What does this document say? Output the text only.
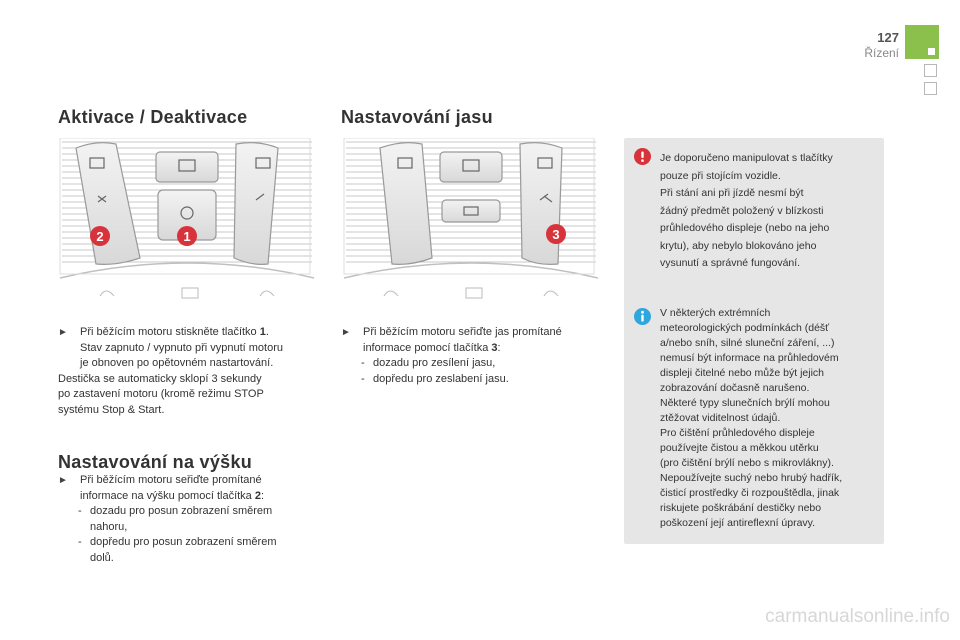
127
Řízení
Aktivace / Deaktivace	Nastavování jasu
2	1	3
► Při běžícím motoru stiskněte tlačítko 1.
Stav zapnuto / vypnuto při vypnutí motoru
je obnoven po opětovném nastartování.
Destička se automaticky sklopí 3 sekundy
po zastavení motoru (kromě režimu STOP
systému Stop & Start.
Nastavování na výšku
► Při běžícím motoru seřiďte promítané
informace na výšku pomocí tlačítka 2:
- dozadu pro posun zobrazení směrem
nahoru,
- dopředu pro posun zobrazení směrem
dolů.
► Při běžícím motoru seřiďte jas promítané
informace pomocí tlačítka 3:
- dozadu pro zesílení jasu,
- dopředu pro zeslabení jasu.
Je doporučeno manipulovat s tlačítky
pouze při stojícím vozidle.
Při stání ani při jízdě nesmí být
žádný předmět položený v blízkosti
průhledového displeje (nebo na jeho
krytu), aby nebylo blokováno jeho
vysunutí a správné fungování.
V některých extrémních
meteorologických podmínkách (déšť
a/nebo sníh, silné sluneční záření, ...)
nemusí být informace na průhledovém
displeji čitelné nebo může být jejich
zobrazování dočasně narušeno.
Některé typy slunečních brýlí mohou
ztěžovat viditelnost údajů.
Pro čištění průhledového displeje
používejte čistou a měkkou utěrku
(pro čištění brýlí nebo s mikrovlákny).
Nepoužívejte suchý nebo hrubý hadřík,
čisticí prostředky či rozpouštědla, jinak
riskujete poškrábání destičky nebo
poškození její antireflexní úpravy.
carmanualsonline.info
